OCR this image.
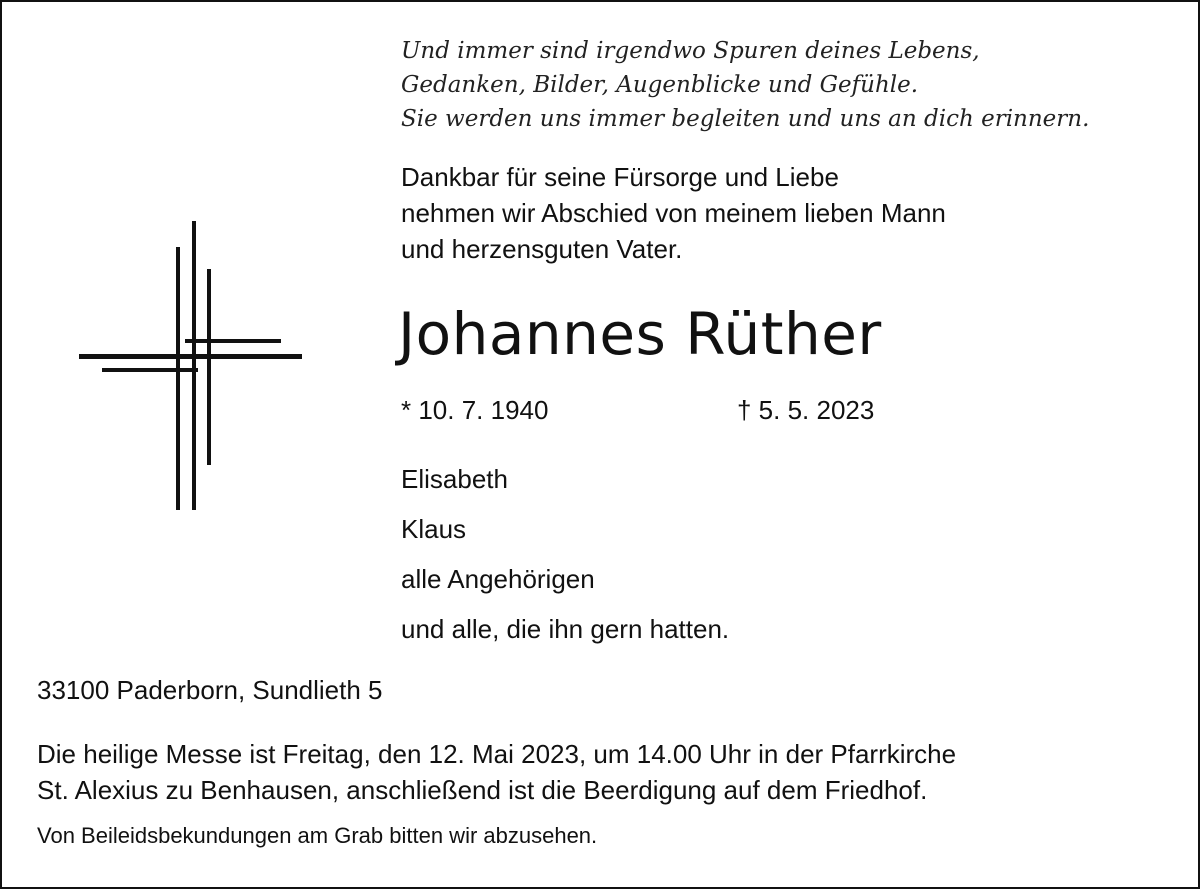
Und immer sind irgendwo Spuren deines Lebens,
Gedanken, Bilder, Augenblicke und Gefühle.
Sie werden uns immer begleiten und uns an dich erinnern.
Dankbar für seine Fürsorge und Liebe
nehmen wir Abschied von meinem lieben Mann
und herzensguten Vater.
Johannes Rüther
* 10. 7. 1940	† 5. 5. 2023
Elisabeth
Klaus
alle Angehörigen
und alle, die ihn gern hatten.
33100 Paderborn, Sundlieth 5
Die heilige Messe ist Freitag, den 12. Mai 2023, um 14.00 Uhr in der Pfarrkirche
St. Alexius zu Benhausen, anschließend ist die Beerdigung auf dem Friedhof.
Von Beileidsbekundungen am Grab bitten wir abzusehen.
